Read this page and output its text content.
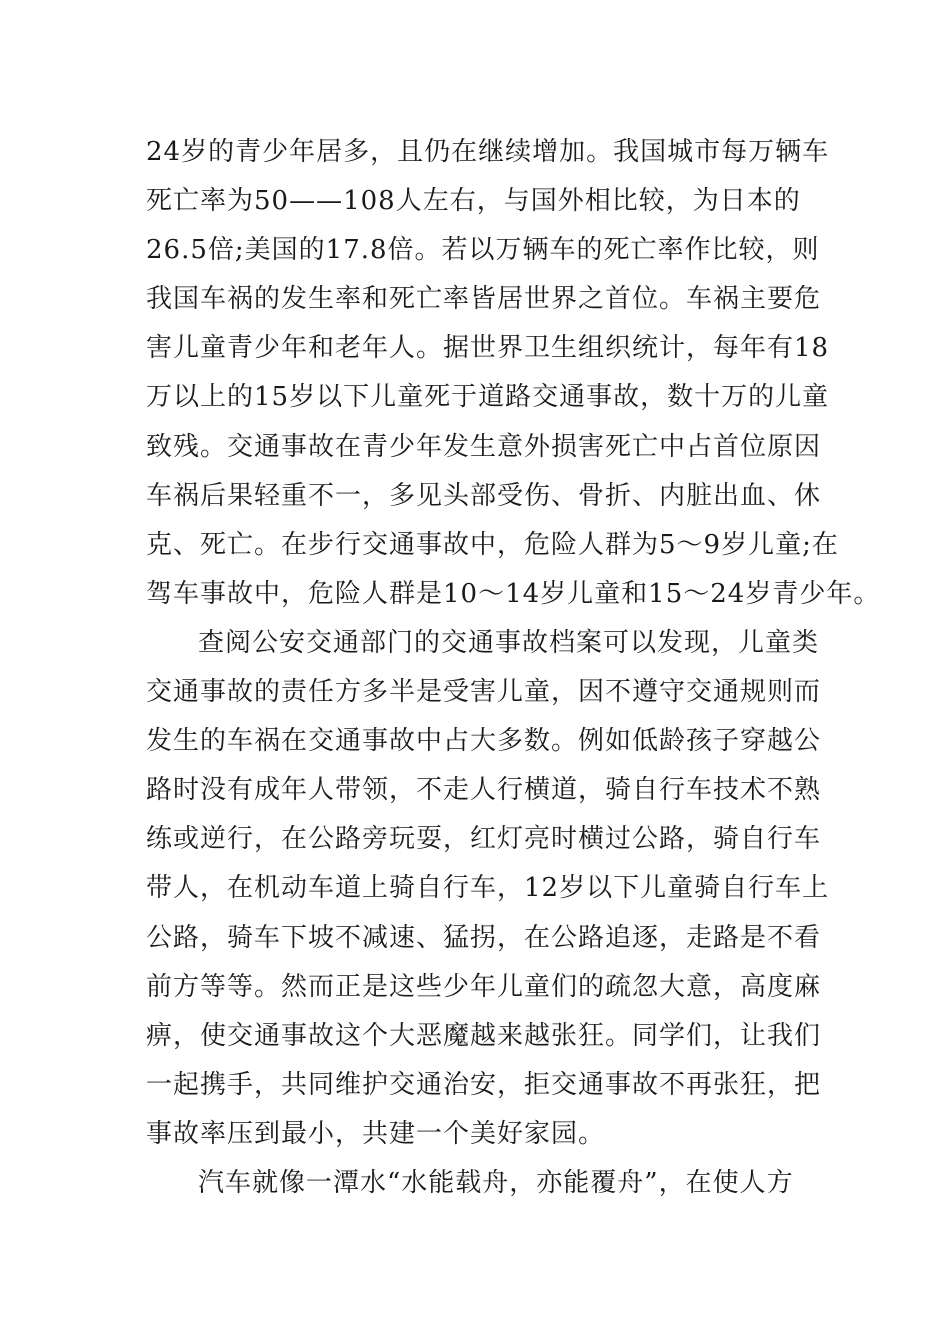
24岁的青少年居多，且仍在继续增加。我国城市每万辆车
死亡率为50——108人左右，与国外相比较，为日本的
26.5倍;美国的17.8倍。若以万辆车的死亡率作比较，则
我国车祸的发生率和死亡率皆居世界之首位。车祸主要危
害儿童青少年和老年人。据世界卫生组织统计，每年有18
万以上的15岁以下儿童死于道路交通事故，数十万的儿童
致残。交通事故在青少年发生意外损害死亡中占首位原因
车祸后果轻重不一，多见头部受伤、骨折、内脏出血、休
克、死亡。在步行交通事故中，危险人群为5～9岁儿童;在
驾车事故中，危险人群是10～14岁儿童和15～24岁青少年。
查阅公安交通部门的交通事故档案可以发现，儿童类
交通事故的责任方多半是受害儿童，因不遵守交通规则而
发生的车祸在交通事故中占大多数。例如低龄孩子穿越公
路时没有成年人带领，不走人行横道，骑自行车技术不熟
练或逆行，在公路旁玩耍，红灯亮时横过公路，骑自行车
带人，在机动车道上骑自行车，12岁以下儿童骑自行车上
公路，骑车下坡不减速、猛拐，在公路追逐，走路是不看
前方等等。然而正是这些少年儿童们的疏忽大意，高度麻
痹，使交通事故这个大恶魔越来越张狂。同学们，让我们
一起携手，共同维护交通治安，拒交通事故不再张狂，把
事故率压到最小，共建一个美好家园。
汽车就像一潭水“水能载舟，亦能覆舟”，在使人方
